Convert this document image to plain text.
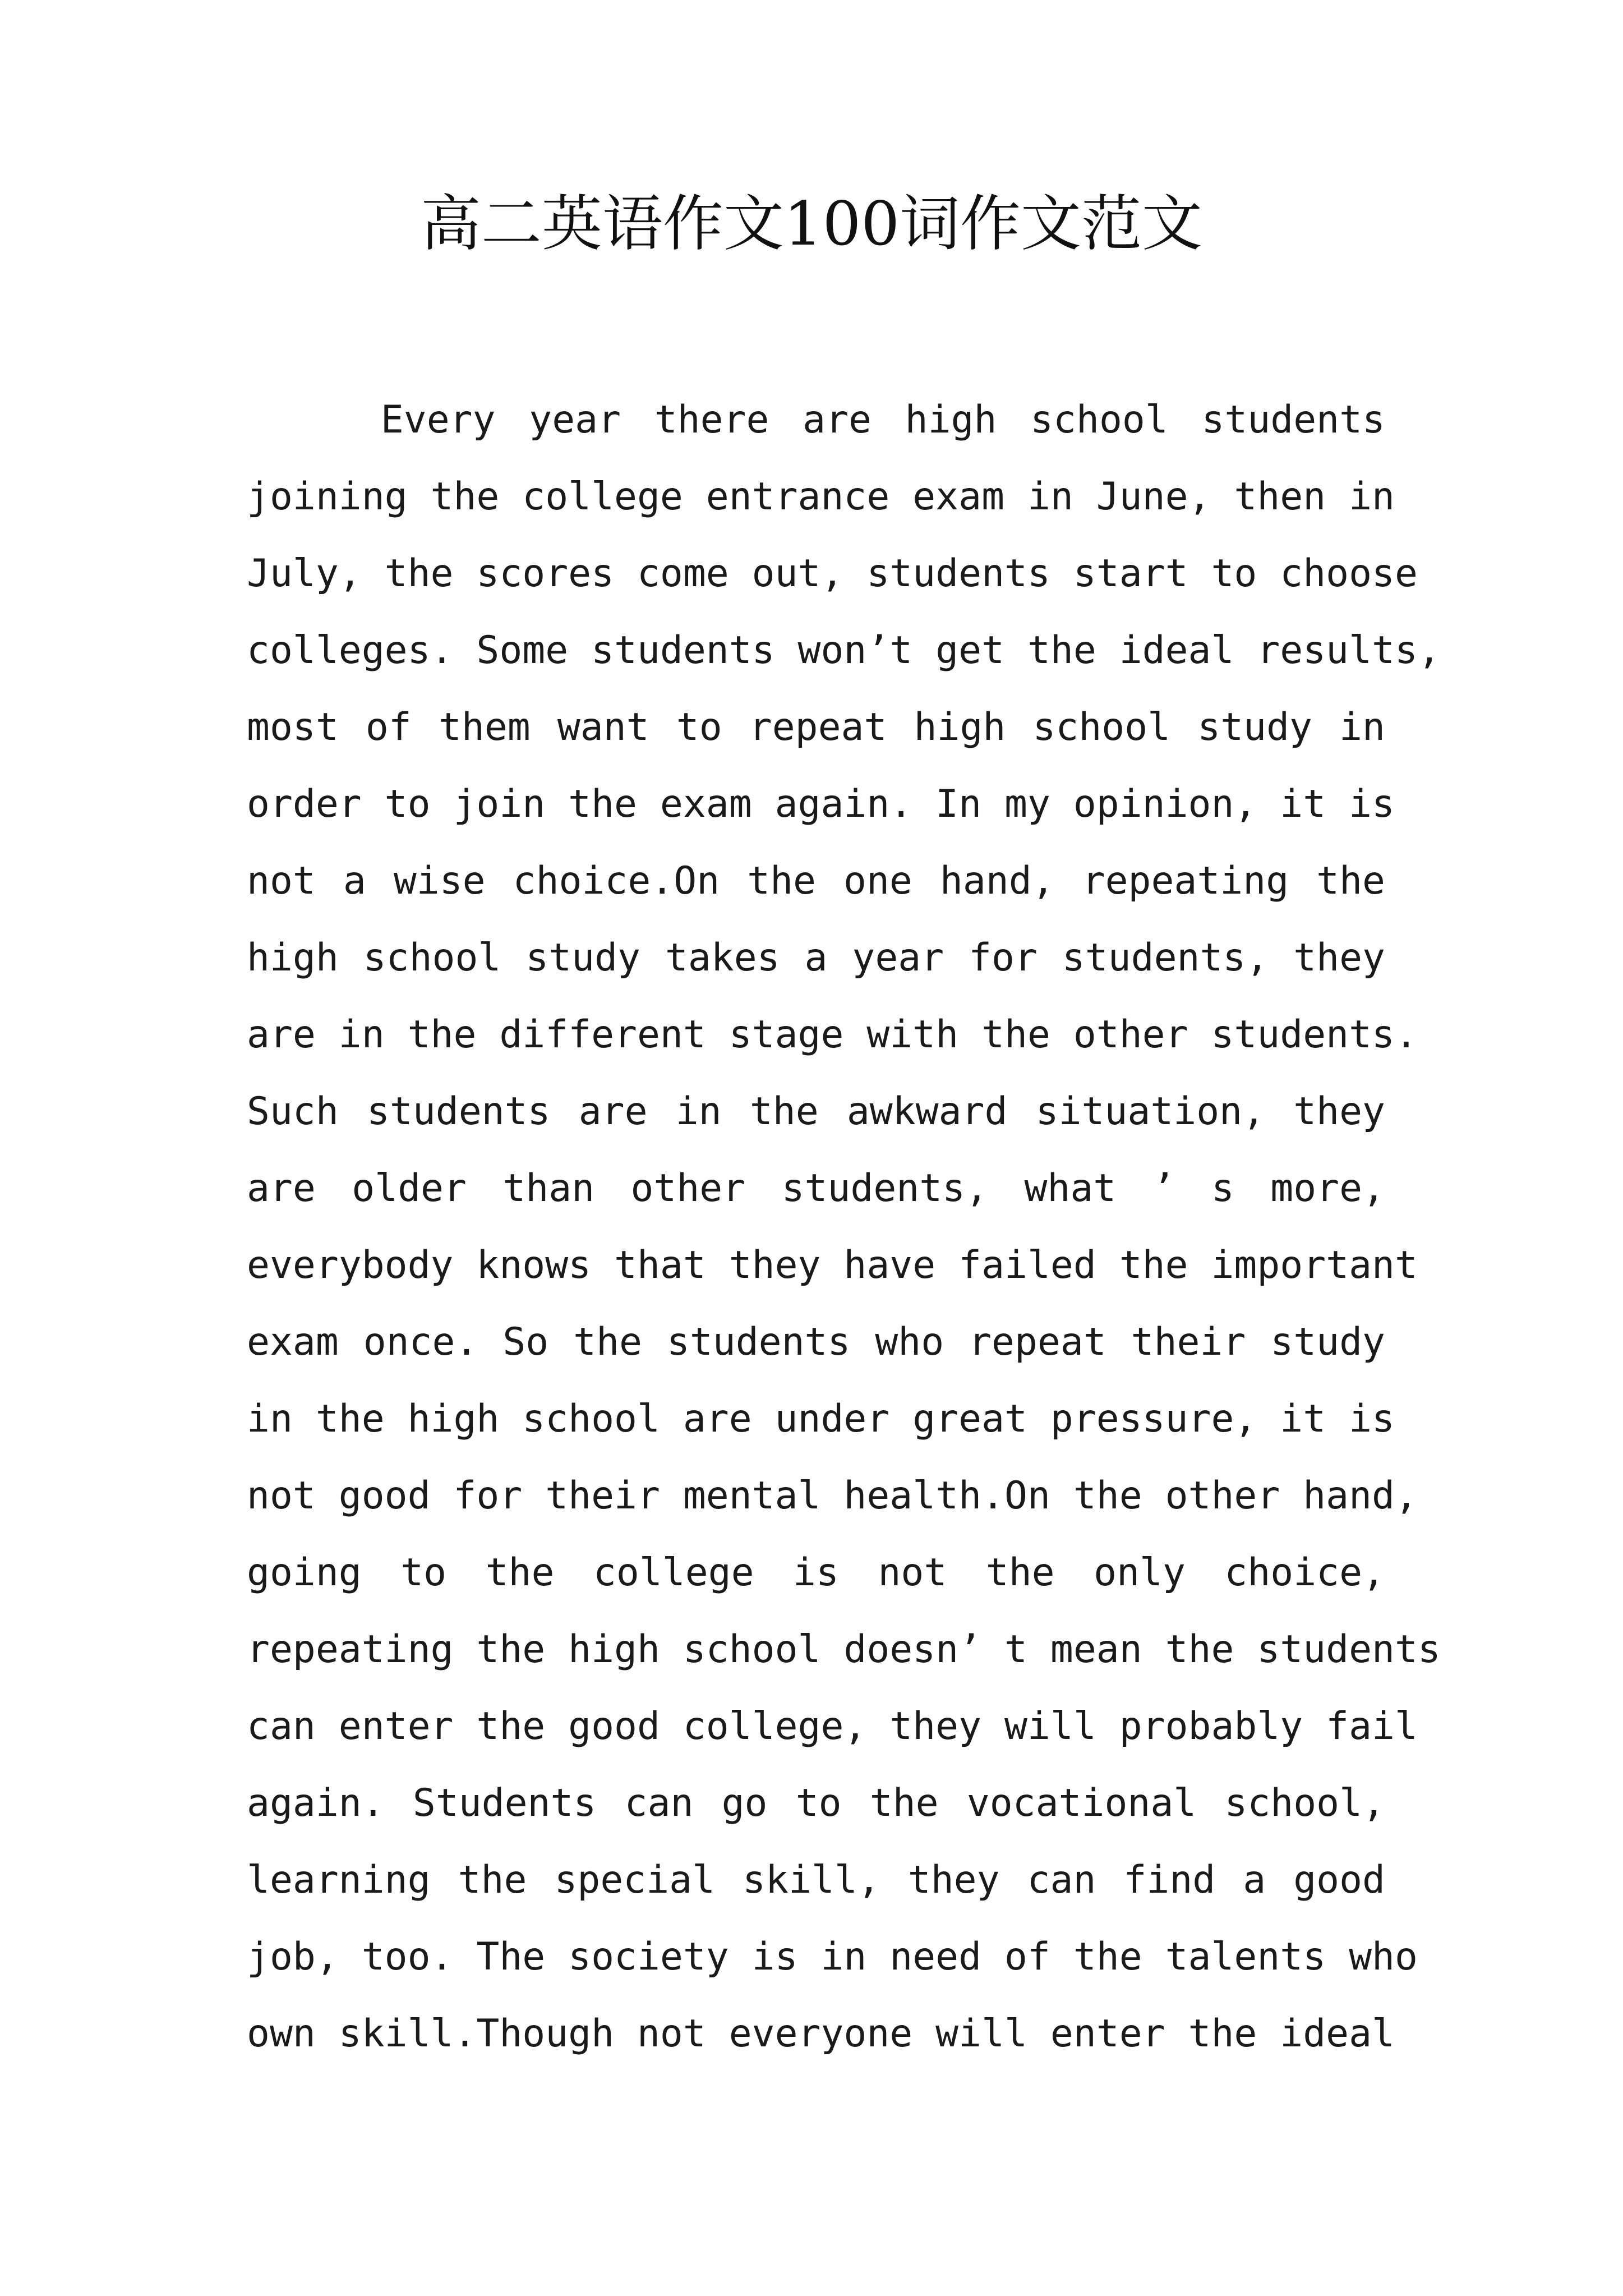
高二英语作文100词作文范文
Every year there are high school students
joining the college entrance exam in June, then in
July, the scores come out, students start to choose
colleges. Some students won’t get the ideal results,
most of them want to repeat high school study in
order to join the exam again. In my opinion, it is
not a wise choice.On the one hand, repeating the
high school study takes a year for students, they
are in the different stage with the other students.
Such students are in the awkward situation, they
are older than other students, what ’ s more,
everybody knows that they have failed the important
exam once. So the students who repeat their study
in the high school are under great pressure, it is
not good for their mental health.On the other hand,
going to the college is not the only choice,
repeating the high school doesn’ t mean the students
can enter the good college, they will probably fail
again. Students can go to the vocational school,
learning the special skill, they can find a good
job, too. The society is in need of the talents who
own skill.Though not everyone will enter the ideal
